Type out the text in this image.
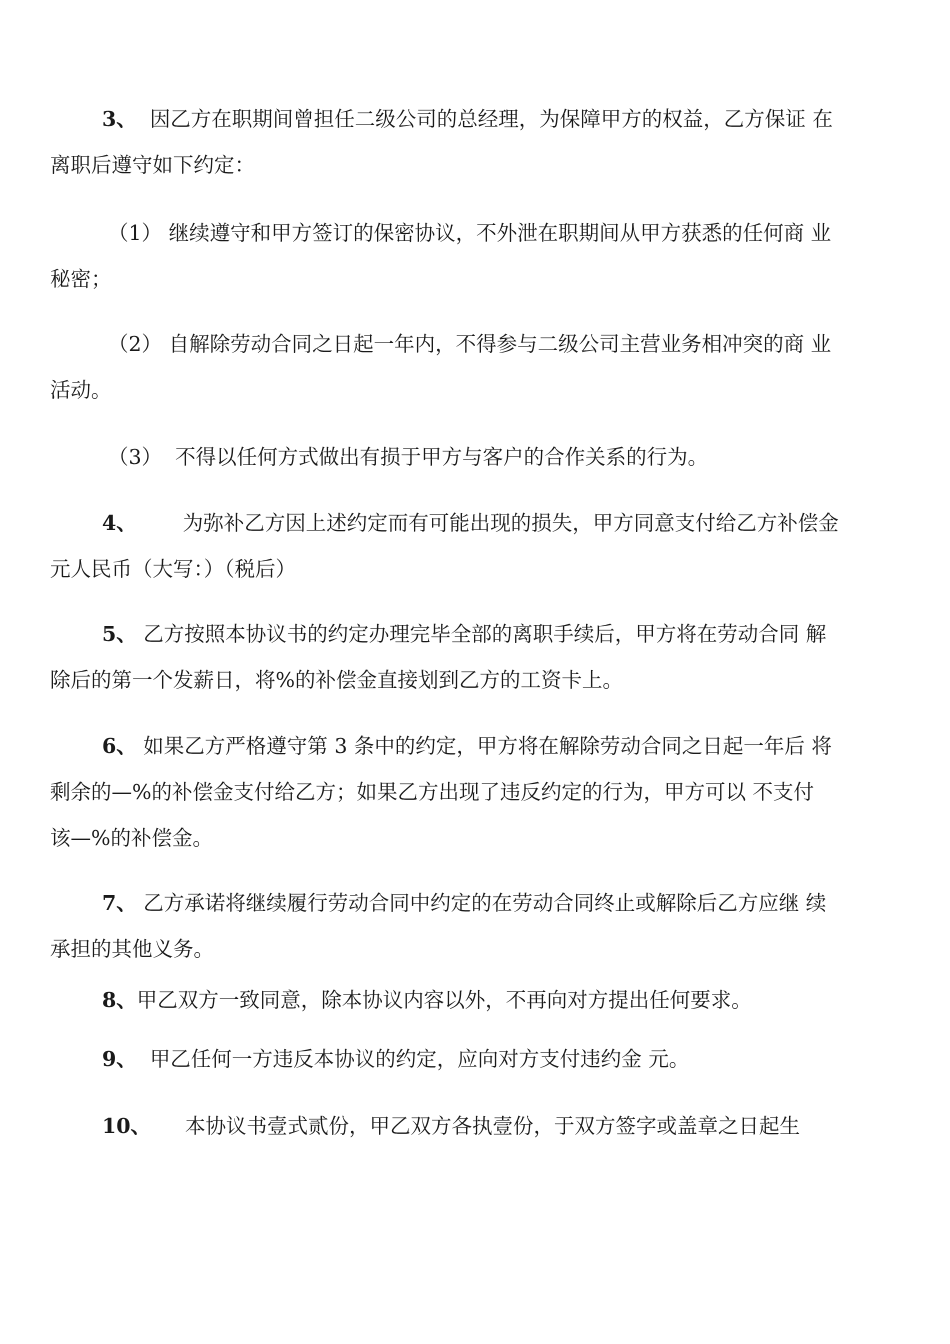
3、 因乙方在职期间曾担任二级公司的总经理，为保障甲方的权益，乙方保证 在
离职后遵守如下约定：
（1） 继续遵守和甲方签订的保密协议，不外泄在职期间从甲方获悉的任何商 业
秘密；
（2） 自解除劳动合同之日起一年内，不得参与二级公司主营业务相冲突的商 业
活动。
（3） 不得以任何方式做出有损于甲方与客户的合作关系的行为。
4、 为弥补乙方因上述约定而有可能出现的损失，甲方同意支付给乙方补偿金
元人民币（大写：）（税后）
5、 乙方按照本协议书的约定办理完毕全部的离职手续后，甲方将在劳动合同 解
除后的第一个发薪日，将%的补偿金直接划到乙方的工资卡上。
6、 如果乙方严格遵守第 3 条中的约定，甲方将在解除劳动合同之日起一年后 将
剩余的—%的补偿金支付给乙方；如果乙方出现了违反约定的行为，甲方可以 不支付
该—%的补偿金。
7、 乙方承诺将继续履行劳动合同中约定的在劳动合同终止或解除后乙方应继 续
承担的其他义务。
8、甲乙双方一致同意，除本协议内容以外，不再向对方提出任何要求。
9、 甲乙任何一方违反本协议的约定，应向对方支付违约金 元。
10、 本协议书壹式贰份，甲乙双方各执壹份，于双方签字或盖章之日起生
